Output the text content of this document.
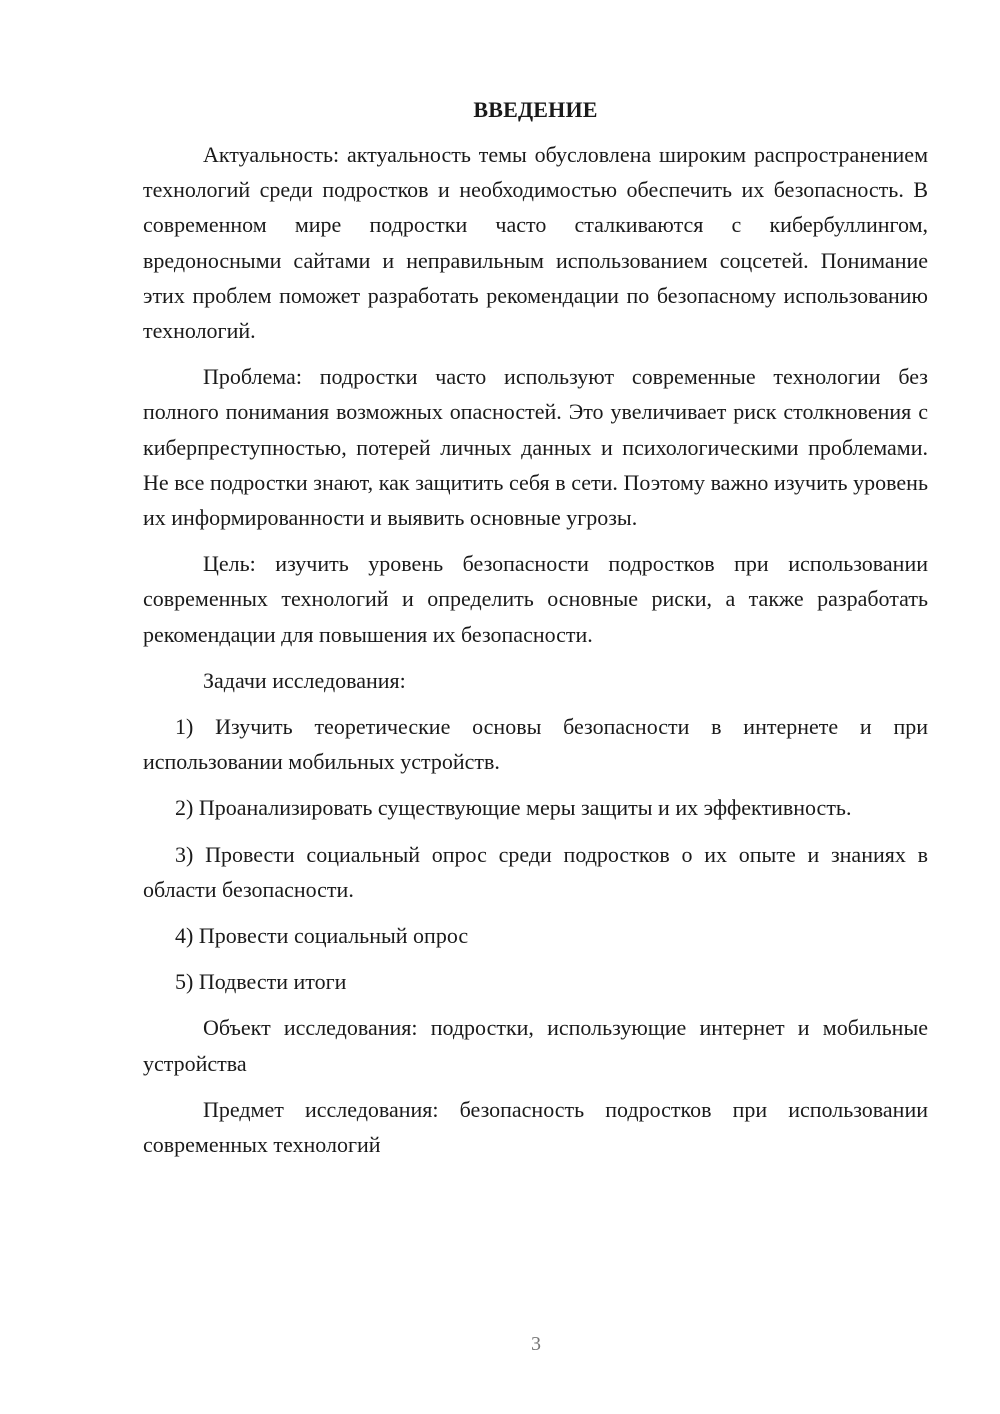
ВВЕДЕНИЕ

Актуальность: актуальность темы обусловлена широким распространением технологий среди подростков и необходимостью обеспечить их безопасность. В современном мире подростки часто сталкиваются с кибербуллингом, вредоносными сайтами и неправильным использованием соцсетей. Понимание этих проблем поможет разработать рекомендации по безопасному использованию технологий.

Проблема: подростки часто используют современные технологии без полного понимания возможных опасностей. Это увеличивает риск столкновения с киберпреступностью, потерей личных данных и психологическими проблемами. Не все подростки знают, как защитить себя в сети. Поэтому важно изучить уровень их информированности и выявить основные угрозы.

Цель: изучить уровень безопасности подростков при использовании современных технологий и определить основные риски, а также разработать рекомендации для повышения их безопасности.

Задачи исследования:

1) Изучить теоретические основы безопасности в интернете и при использовании мобильных устройств.

2) Проанализировать существующие меры защиты и их эффективность.

3) Провести социальный опрос среди подростков о их опыте и знаниях в области безопасности.

4) Провести социальный опрос

5) Подвести итоги

Объект исследования: подростки, использующие интернет и мобильные устройства

Предмет исследования: безопасность подростков при использовании современных технологий

3
